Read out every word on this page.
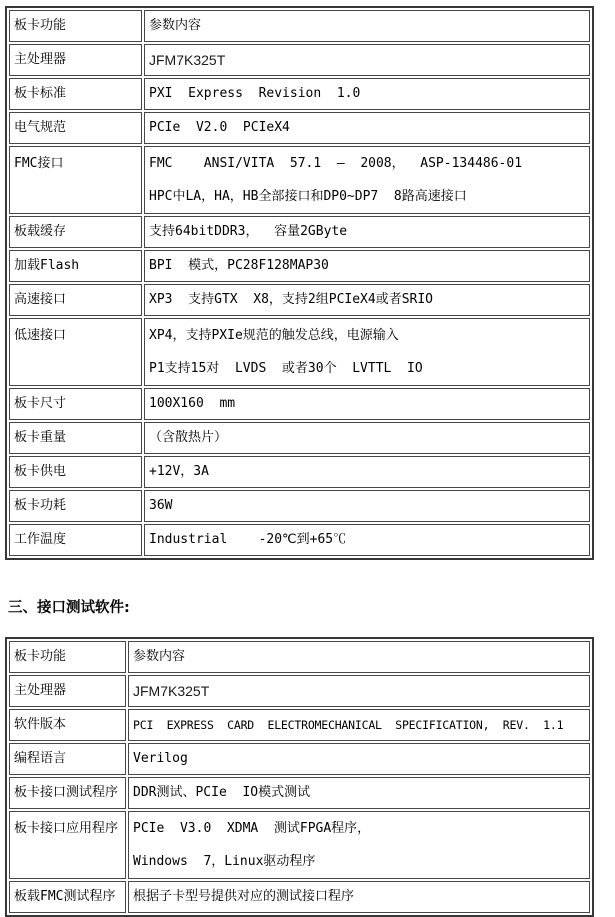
板卡功能	参数内容

主处理器	JFM7K325T

板卡标准	PXI  Express  Revision  1.0

电气规范	PCIe  V2.0  PCIeX4

FMC接口	FMC    ANSI/VITA  57.1  –  2008，  ASP-134486-01
HPC中LA，HA，HB全部接口和DP0~DP7  8路高速接口

板载缓存	支持64bitDDR3，  容量2GByte

加载Flash	BPI  模式，PC28F128MAP30

高速接口	XP3  支持GTX  X8，支持2组PCIeX4或者SRIO

低速接口	XP4，支持PXIe规范的触发总线，电源输入
P1支持15对  LVDS  或者30个  LVTTL  IO

板卡尺寸	100X160  mm

板卡重量	（含散热片）

板卡供电	+12V，3A

板卡功耗	36W

工作温度	Industrial    -20℃到+65℃
三、接口测试软件:
板卡功能	参数内容

主处理器	JFM7K325T

软件版本	PCI  EXPRESS  CARD  ELECTROMECHANICAL  SPECIFICATION,  REV.  1.1

编程语言	Verilog

板卡接口测试程序	DDR测试、PCIe  IO模式测试

板卡接口应用程序	PCIe  V3.0  XDMA  测试FPGA程序，
Windows  7，Linux驱动程序

板载FMC测试程序	根据子卡型号提供对应的测试接口程序
